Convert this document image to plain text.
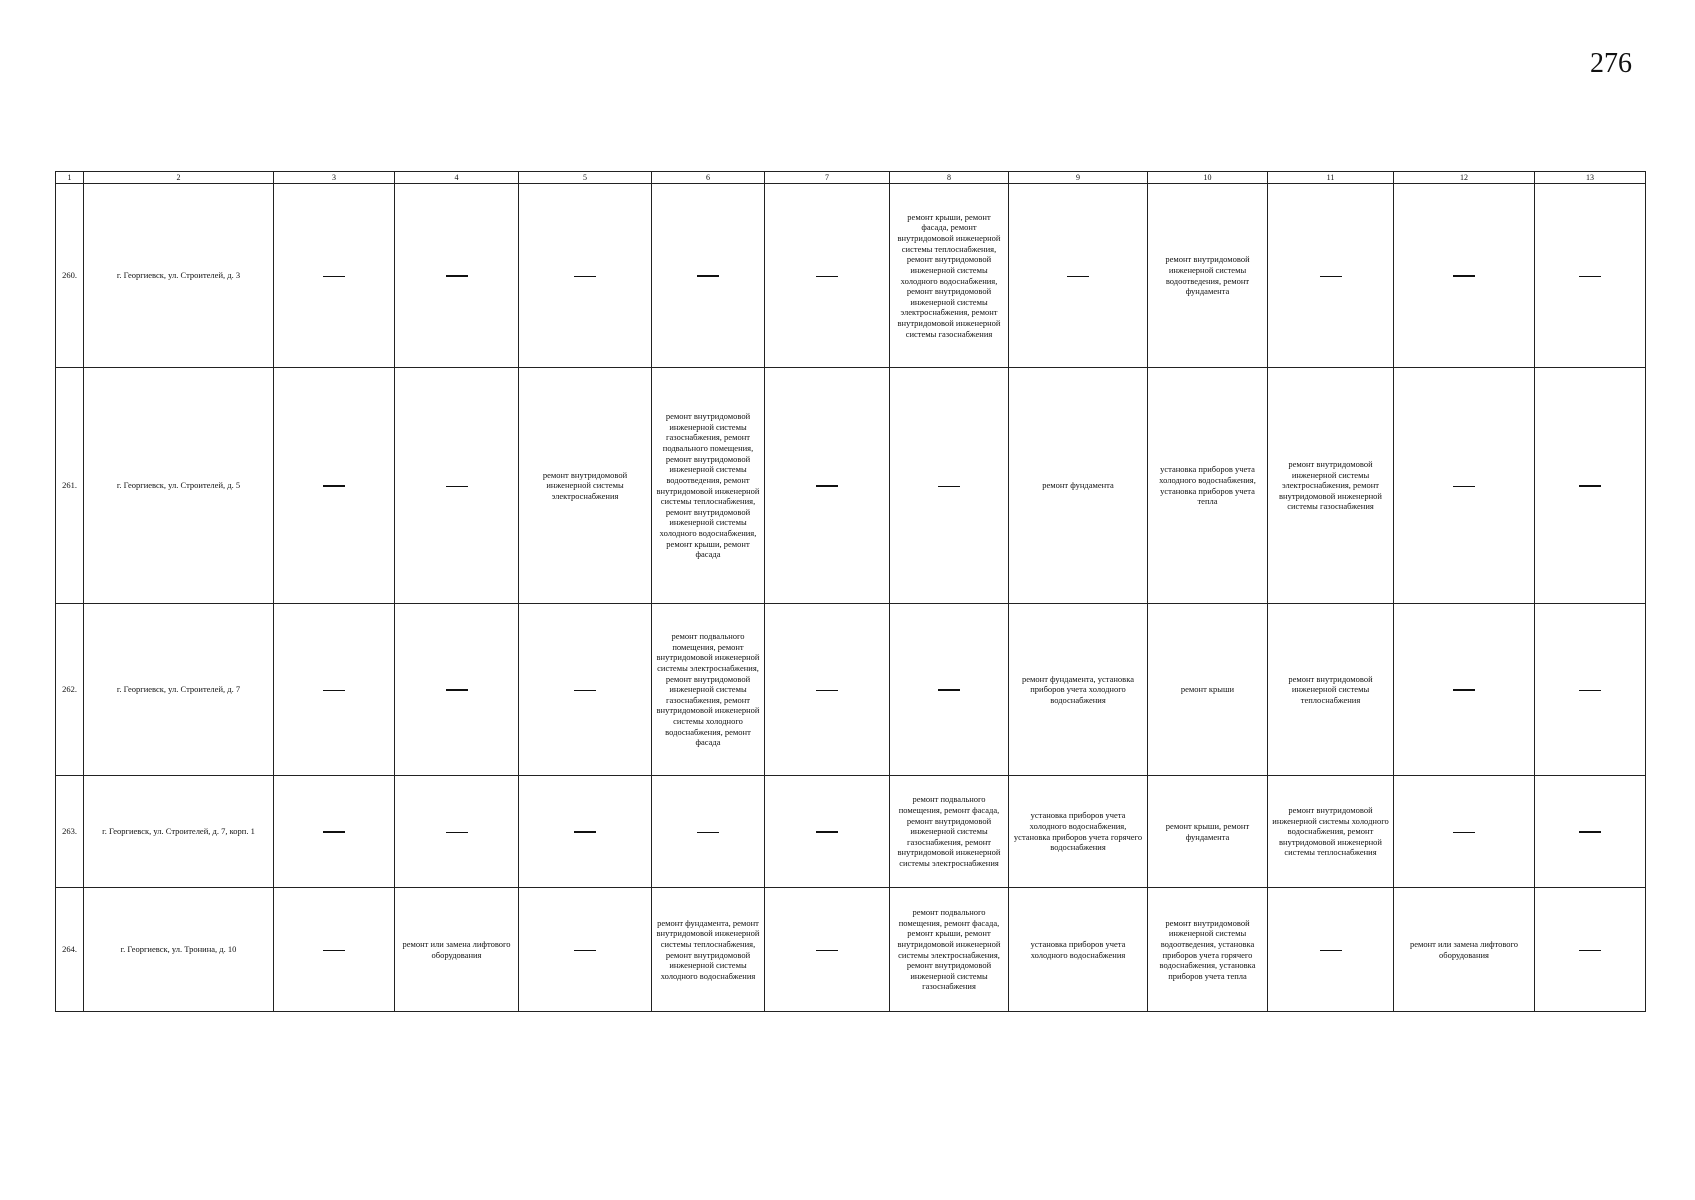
276
1	2	3	4	5	6	7	8	9	10	11	12	13
260.	г. Георгиевск, ул. Строителей, д. 3						ремонт крыши, ремонт фасада, ремонт внутридомовой инженерной системы теплоснабжения, ремонт внутридомовой инженерной системы холодного водоснабжения, ремонт внутридомовой инженерной системы электроснабжения, ремонт внутридомовой инженерной системы газоснабжения		ремонт внутридомовой инженерной системы водоотведения, ремонт фундамента			
261.	г. Георгиевск, ул. Строителей, д. 5			ремонт внутридомовой инженерной системы электроснабжения	ремонт внутридомовой инженерной системы газоснабжения, ремонт подвального помещения, ремонт внутридомовой инженерной системы водоотведения, ремонт внутридомовой инженерной системы теплоснабжения, ремонт внутридомовой инженерной системы холодного водоснабжения, ремонт крыши, ремонт фасада			ремонт фундамента	установка приборов учета холодного водоснабжения, установка приборов учета тепла	ремонт внутридомовой инженерной системы электроснабжения, ремонт внутридомовой инженерной системы газоснабжения		
262.	г. Георгиевск, ул. Строителей, д. 7				ремонт подвального помещения, ремонт внутридомовой инженерной системы электроснабжения, ремонт внутридомовой инженерной системы газоснабжения, ремонт внутридомовой инженерной системы холодного водоснабжения, ремонт фасада			ремонт фундамента, установка приборов учета холодного водоснабжения	ремонт крыши	ремонт внутридомовой инженерной системы теплоснабжения		
263.	г. Георгиевск, ул. Строителей, д. 7, корп. 1						ремонт подвального помещения, ремонт фасада, ремонт внутридомовой инженерной системы газоснабжения, ремонт внутридомовой инженерной системы электроснабжения	установка приборов учета холодного водоснабжения, установка приборов учета горячего водоснабжения	ремонт крыши, ремонт фундамента	ремонт внутридомовой инженерной системы холодного водоснабжения, ремонт внутридомовой инженерной системы теплоснабжения		
264.	г. Георгиевск, ул. Тронина, д. 10		ремонт или замена лифтового оборудования		ремонт фундамента, ремонт внутридомовой инженерной системы теплоснабжения, ремонт внутридомовой инженерной системы холодного водоснабжения		ремонт подвального помещения, ремонт фасада, ремонт крыши, ремонт внутридомовой инженерной системы электроснабжения, ремонт внутридомовой инженерной системы газоснабжения	установка приборов учета холодного водоснабжения	ремонт внутридомовой инженерной системы водоотведения, установка приборов учета горячего водоснабжения, установка приборов учета тепла		ремонт или замена лифтового оборудования	
